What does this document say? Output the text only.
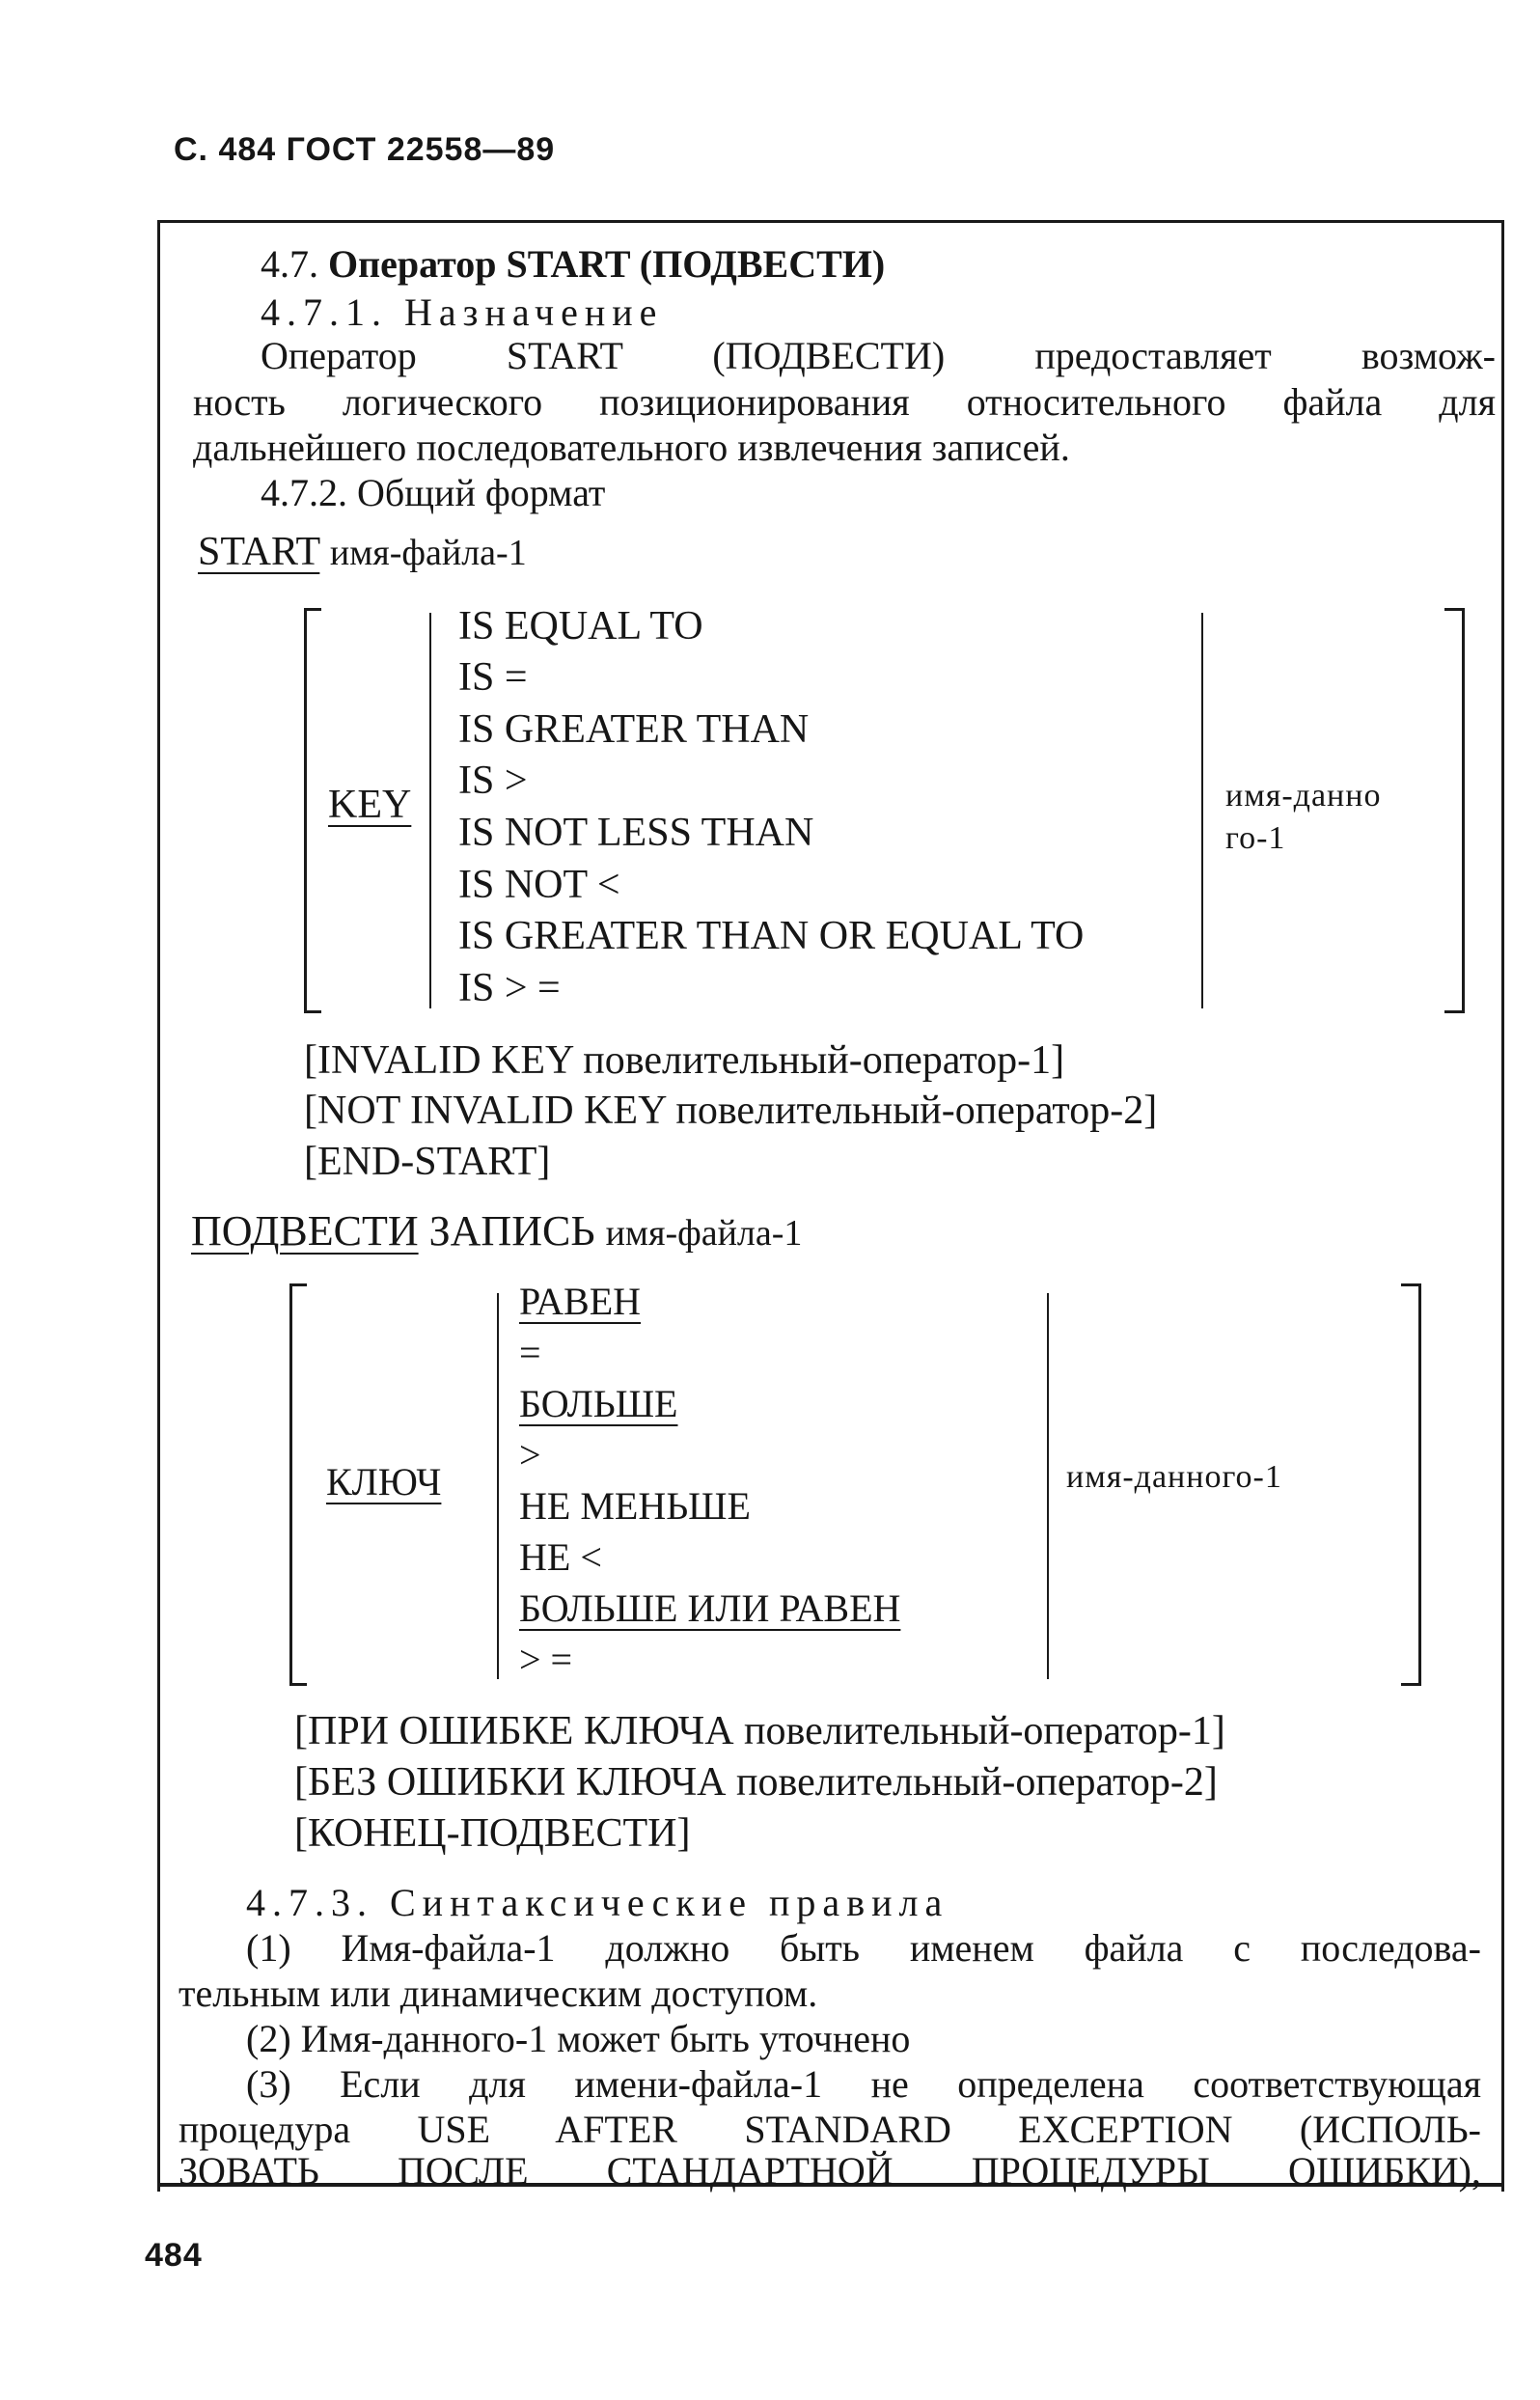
С. 484 ГОСТ 22558—89
4.7. Оператор START (ПОДВЕСТИ)
4.7.1. Назначение
Оператор START (ПОДВЕСТИ) предоставляет возмож-
ность логического позиционирования относительного файла для
дальнейшего последовательного извлечения записей.
4.7.2. Общий формат
START имя-файла-1
KEY
IS EQUAL TO
IS =
IS GREATER THAN
IS >
IS NOT LESS THAN
IS NOT <
IS GREATER THAN OR EQUAL TO
IS > =
имя-данно
го-1
[INVALID KEY повелительный-оператор-1]
[NOT INVALID KEY повелительный-оператор-2]
[END-START]
ПОДВЕСТИ ЗАПИСЬ имя-файла-1
КЛЮЧ
РАВЕН
=
БОЛЬШЕ
>
НЕ МЕНЬШЕ
НЕ <
БОЛЬШЕ ИЛИ РАВЕН
> =
имя-данного-1
[ПРИ ОШИБКЕ КЛЮЧА повелительный-оператор-1]
[БЕЗ ОШИБКИ КЛЮЧА повелительный-оператор-2]
[КОНЕЦ-ПОДВЕСТИ]
4.7.3. Синтаксические правила
(1) Имя-файла-1 должно быть именем файла с последова-
тельным или динамическим доступом.
(2) Имя-данного-1 может быть уточнено
(3) Если для имени-файла-1 не определена соответствующая
процедура USE AFTER STANDARD EXCEPTION (ИСПОЛЬ-
ЗОВАТЬ ПОСЛЕ СТАНДАРТНОЙ ПРОЦЕДУРЫ ОШИБКИ),
484
